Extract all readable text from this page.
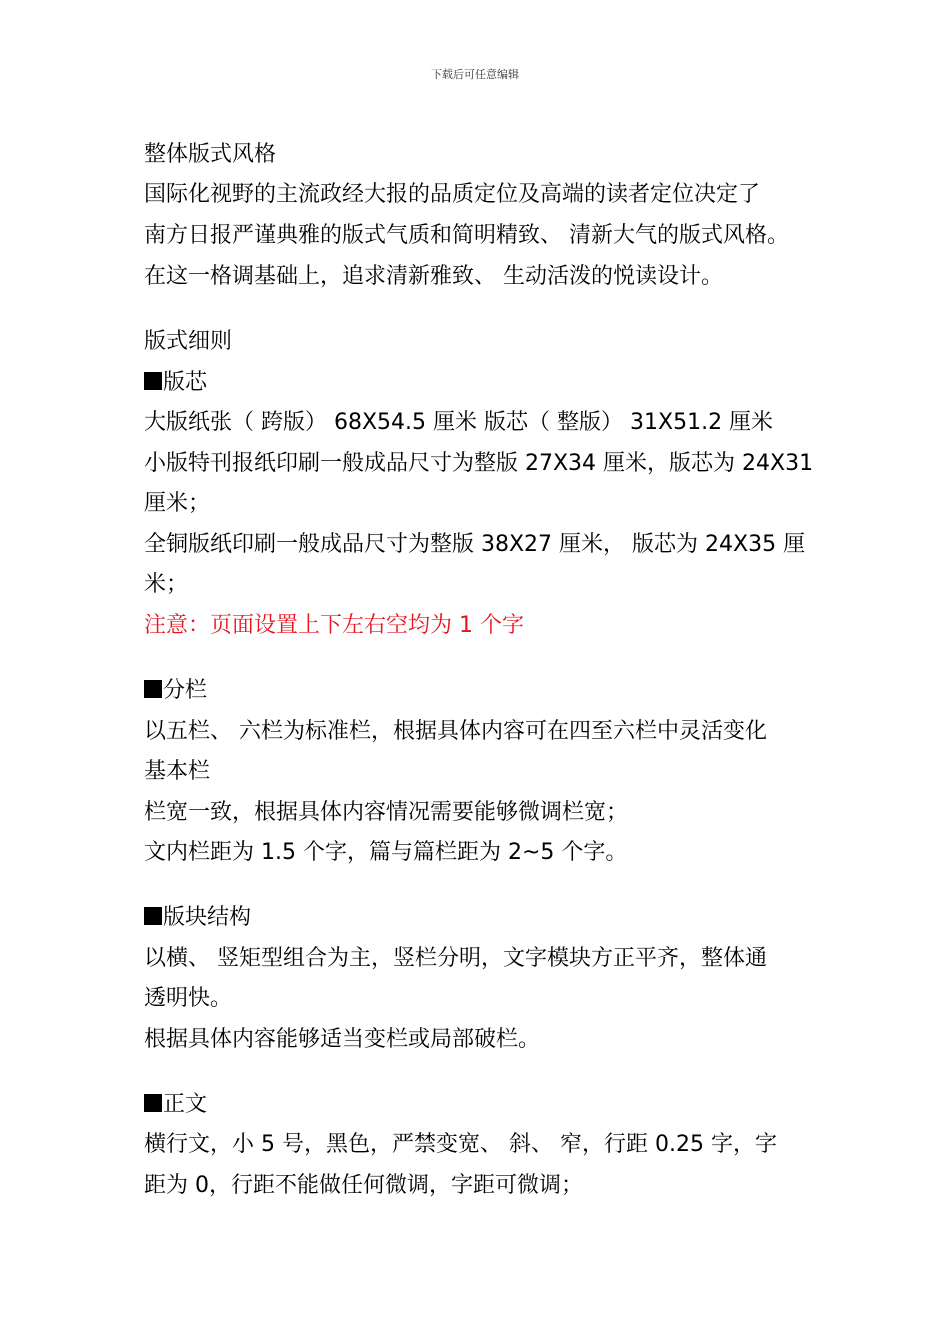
下载后可任意编辑
整体版式风格
国际化视野的主流政经大报的品质定位及高端的读者定位决定了
南方日报严谨典雅的版式气质和简明精致、 清新大气的版式风格。
在这一格调基础上，追求清新雅致、 生动活泼的悦读设计。
版式细则
版芯
大版纸张（ 跨版） 68X54.5 厘米 版芯（ 整版） 31X51.2 厘米
小版特刊报纸印刷一般成品尺寸为整版 27X34 厘米，版芯为 24X31
厘米；
全铜版纸印刷一般成品尺寸为整版 38X27 厘米， 版芯为 24X35 厘
米；
注意：页面设置上下左右空均为 1 个字
分栏
以五栏、 六栏为标准栏，根据具体内容可在四至六栏中灵活变化
基本栏
栏宽一致，根据具体内容情况需要能够微调栏宽；
文内栏距为 1.5 个字，篇与篇栏距为 2~5 个字。
版块结构
以横、 竖矩型组合为主，竖栏分明，文字模块方正平齐，整体通
透明快。
根据具体内容能够适当变栏或局部破栏。
正文
横行文，小 5 号，黑色，严禁变宽、 斜、 窄，行距 0.25 字，字
距为 0，行距不能做任何微调，字距可微调；
